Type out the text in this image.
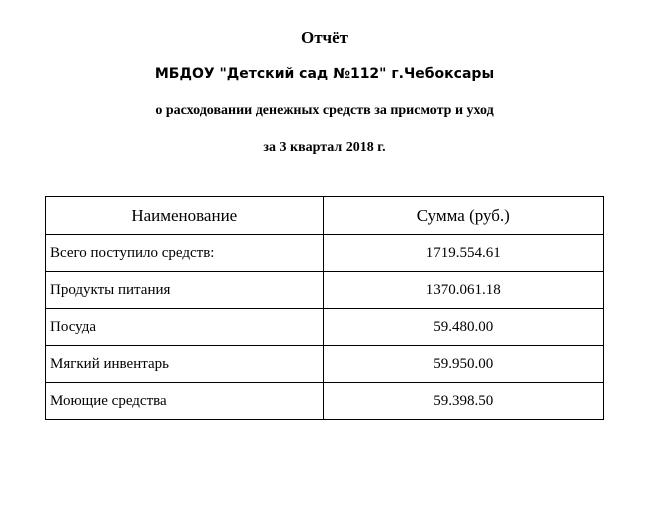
Отчёт
МБДОУ "Детский сад №112" г.Чебоксары
о расходовании денежных средств за присмотр и уход
за 3 квартал 2018 г.
Наименование	Сумма (руб.)
Всего поступило средств:	1719.554.61
Продукты питания	1370.061.18
Посуда	59.480.00
Мягкий инвентарь	59.950.00
Моющие средства	59.398.50
